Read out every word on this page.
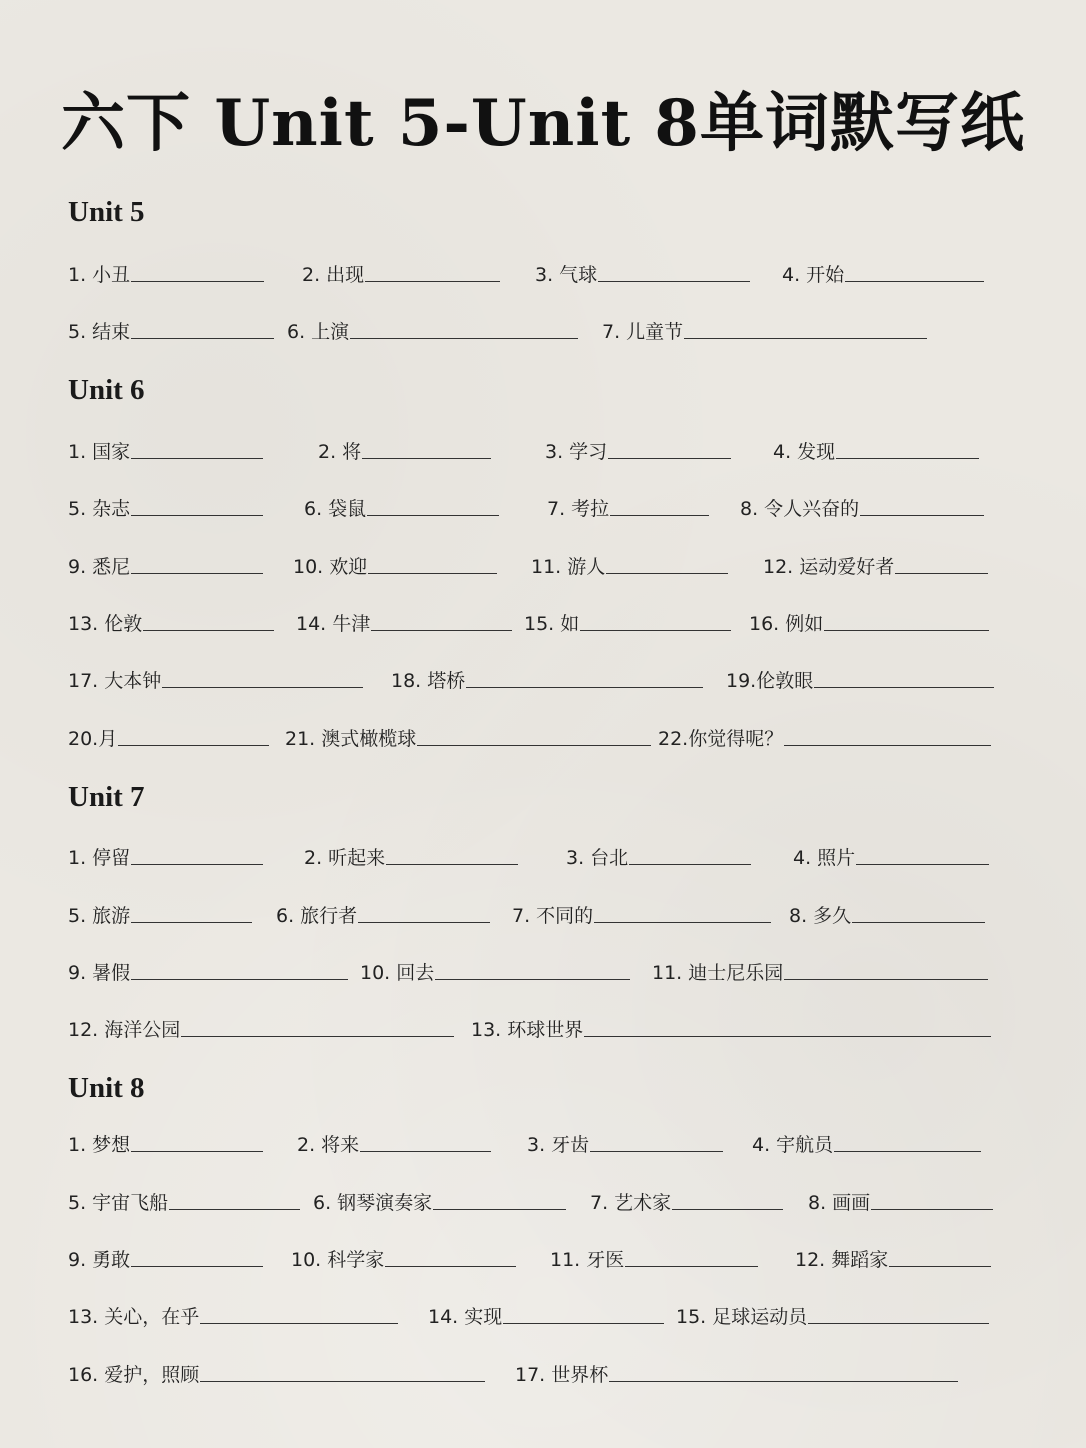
六下 Unit 5-Unit 8单词默写纸
Unit 5
1. 小丑	2. 出现	3. 气球	4. 开始
5. 结束	6. 上演	7. 儿童节
Unit 6
1. 国家	2. 将	3. 学习	4. 发现
5. 杂志	6. 袋鼠	7. 考拉	8. 令人兴奋的
9. 悉尼	10. 欢迎	11. 游人	12. 运动爱好者
13. 伦敦	14. 牛津	15. 如	16. 例如
17. 大本钟	18. 塔桥	19.伦敦眼
20.月	21. 澳式橄榄球	22.你觉得呢？
Unit 7
1. 停留	2. 听起来	3. 台北	4. 照片
5. 旅游	6. 旅行者	7. 不同的	8. 多久
9. 暑假	10. 回去	11. 迪士尼乐园
12. 海洋公园	13. 环球世界
Unit 8
1. 梦想	2. 将来	3. 牙齿	4. 宇航员
5. 宇宙飞船	6. 钢琴演奏家	7. 艺术家	8. 画画
9. 勇敢	10. 科学家	11. 牙医	12. 舞蹈家
13. 关心，在乎	14. 实现	15. 足球运动员
16. 爱护，照顾	17. 世界杯
